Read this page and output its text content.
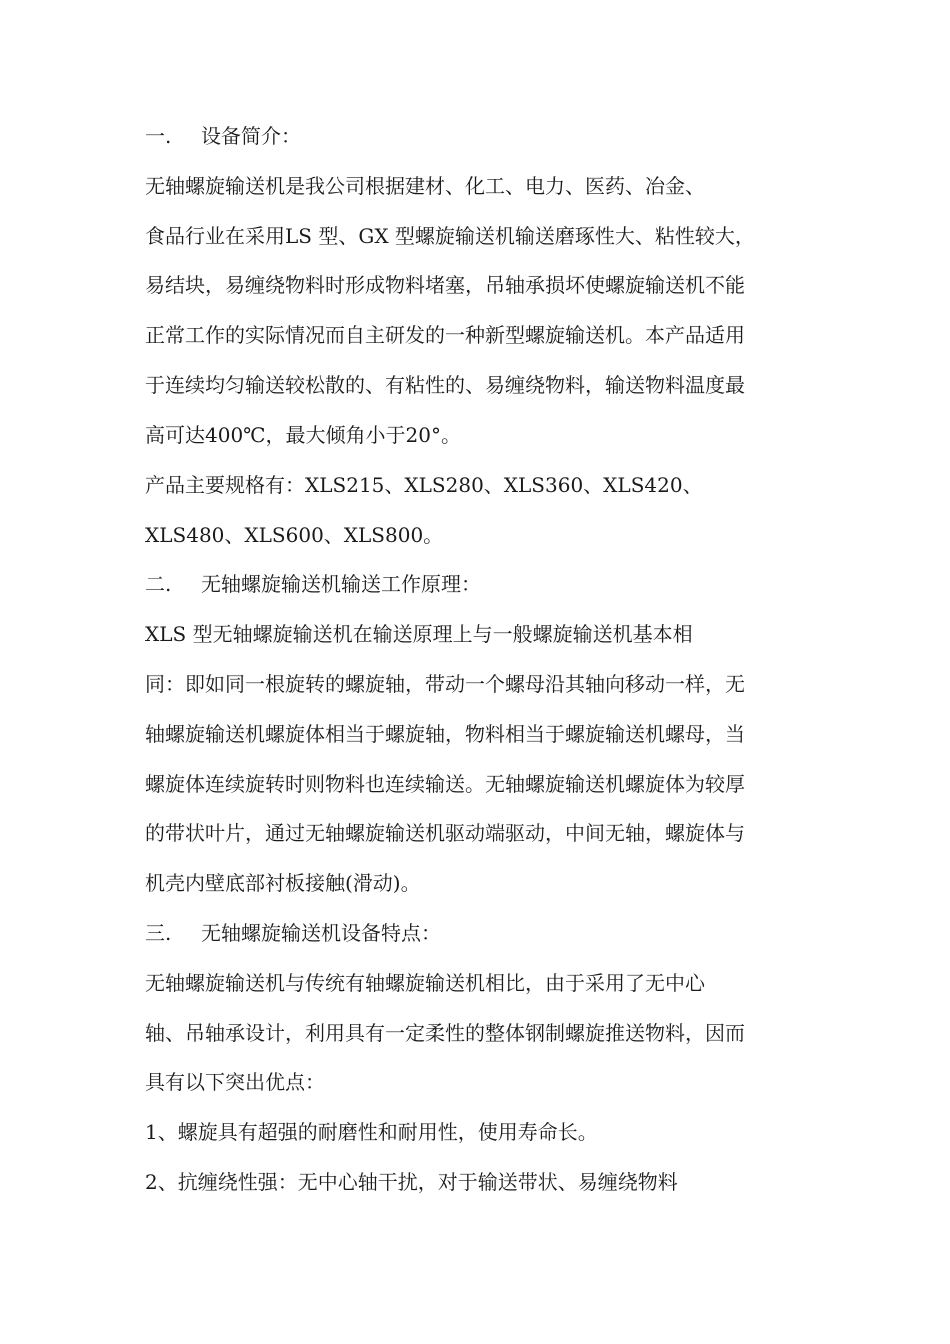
一. 设备简介：
无轴螺旋输送机是我公司根据建材、化工、电力、医药、冶金、
食品行业在采用LS 型、GX 型螺旋输送机输送磨琢性大、粘性较大，
易结块，易缠绕物料时形成物料堵塞，吊轴承损坏使螺旋输送机不能
正常工作的实际情况而自主研发的一种新型螺旋输送机。本产品适用
于连续均匀输送较松散的、有粘性的、易缠绕物料，输送物料温度最
高可达400℃，最大倾角小于20°。
产品主要规格有：XLS215、XLS280、XLS360、XLS420、
XLS480、XLS600、XLS800。
二. 无轴螺旋输送机输送工作原理：
XLS 型无轴螺旋输送机在输送原理上与一般螺旋输送机基本相
同：即如同一根旋转的螺旋轴，带动一个螺母沿其轴向移动一样，无
轴螺旋输送机螺旋体相当于螺旋轴，物料相当于螺旋输送机螺母，当
螺旋体连续旋转时则物料也连续输送。无轴螺旋输送机螺旋体为较厚
的带状叶片，通过无轴螺旋输送机驱动端驱动，中间无轴，螺旋体与
机壳内壁底部衬板接触(滑动)。
三. 无轴螺旋输送机设备特点：
无轴螺旋输送机与传统有轴螺旋输送机相比，由于采用了无中心
轴、吊轴承设计，利用具有一定柔性的整体钢制螺旋推送物料，因而
具有以下突出优点：
1、螺旋具有超强的耐磨性和耐用性，使用寿命长。
2、抗缠绕性强：无中心轴干扰，对于输送带状、易缠绕物料
